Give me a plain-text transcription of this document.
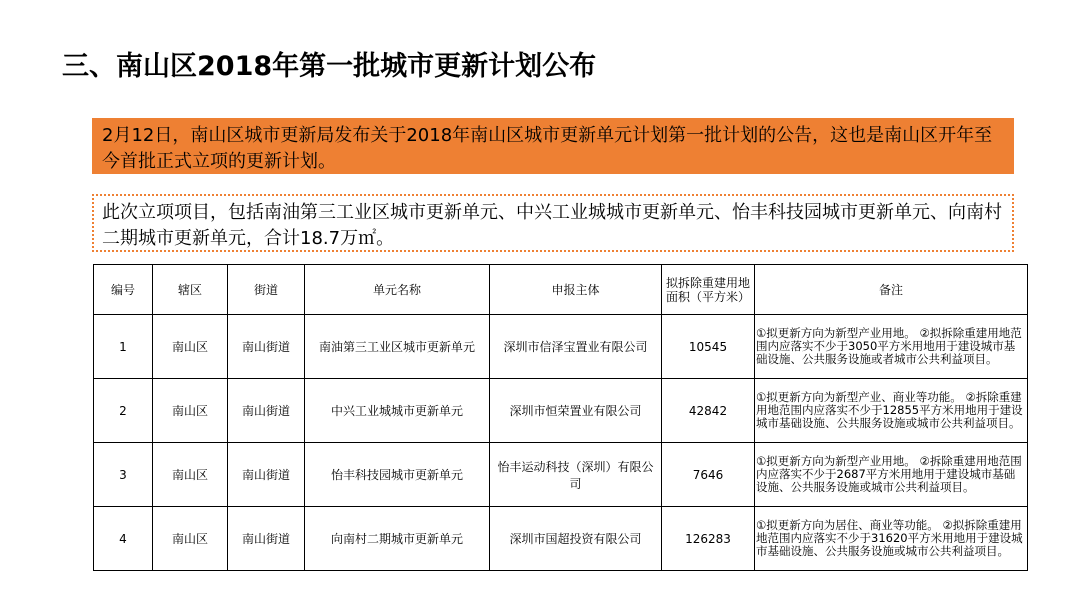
三、南山区2018年第一批城市更新计划公布
2月12日，南山区城市更新局发布关于2018年南山区城市更新单元计划第一批计划的公告，这也是南山区开年至今首批正式立项的更新计划。
此次立项项目，包括南油第三工业区城市更新单元、中兴工业城城市更新单元、怡丰科技园城市更新单元、向南村二期城市更新单元，合计18.7万㎡。
编号	辖区	街道	单元名称	申报主体	拟拆除重建用地面积（平方米）	备注
1	南山区	南山街道	南油第三工业区城市更新单元	深圳市信泽宝置业有限公司	10545	①拟更新方向为新型产业用地。 ②拟拆除重建用地范围内应落实不少于3050平方米用地用于建设城市基础设施、公共服务设施或者城市公共利益项目。
2	南山区	南山街道	中兴工业城城市更新单元	深圳市恒荣置业有限公司	42842	①拟更新方向为新型产业、商业等功能。 ②拆除重建用地范围内应落实不少于12855平方米用地用于建设城市基础设施、公共服务设施或城市公共利益项目。
3	南山区	南山街道	怡丰科技园城市更新单元	怡丰运动科技（深圳）有限公司	7646	①拟更新方向为新型产业用地。 ②拆除重建用地范围内应落实不少于2687平方米用地用于建设城市基础设施、公共服务设施或城市公共利益项目。
4	南山区	南山街道	向南村二期城市更新单元	深圳市国超投资有限公司	126283	①拟更新方向为居住、商业等功能。 ②拟拆除重建用地范围内应落实不少于31620平方米用地用于建设城市基础设施、公共服务设施或城市公共利益项目。
